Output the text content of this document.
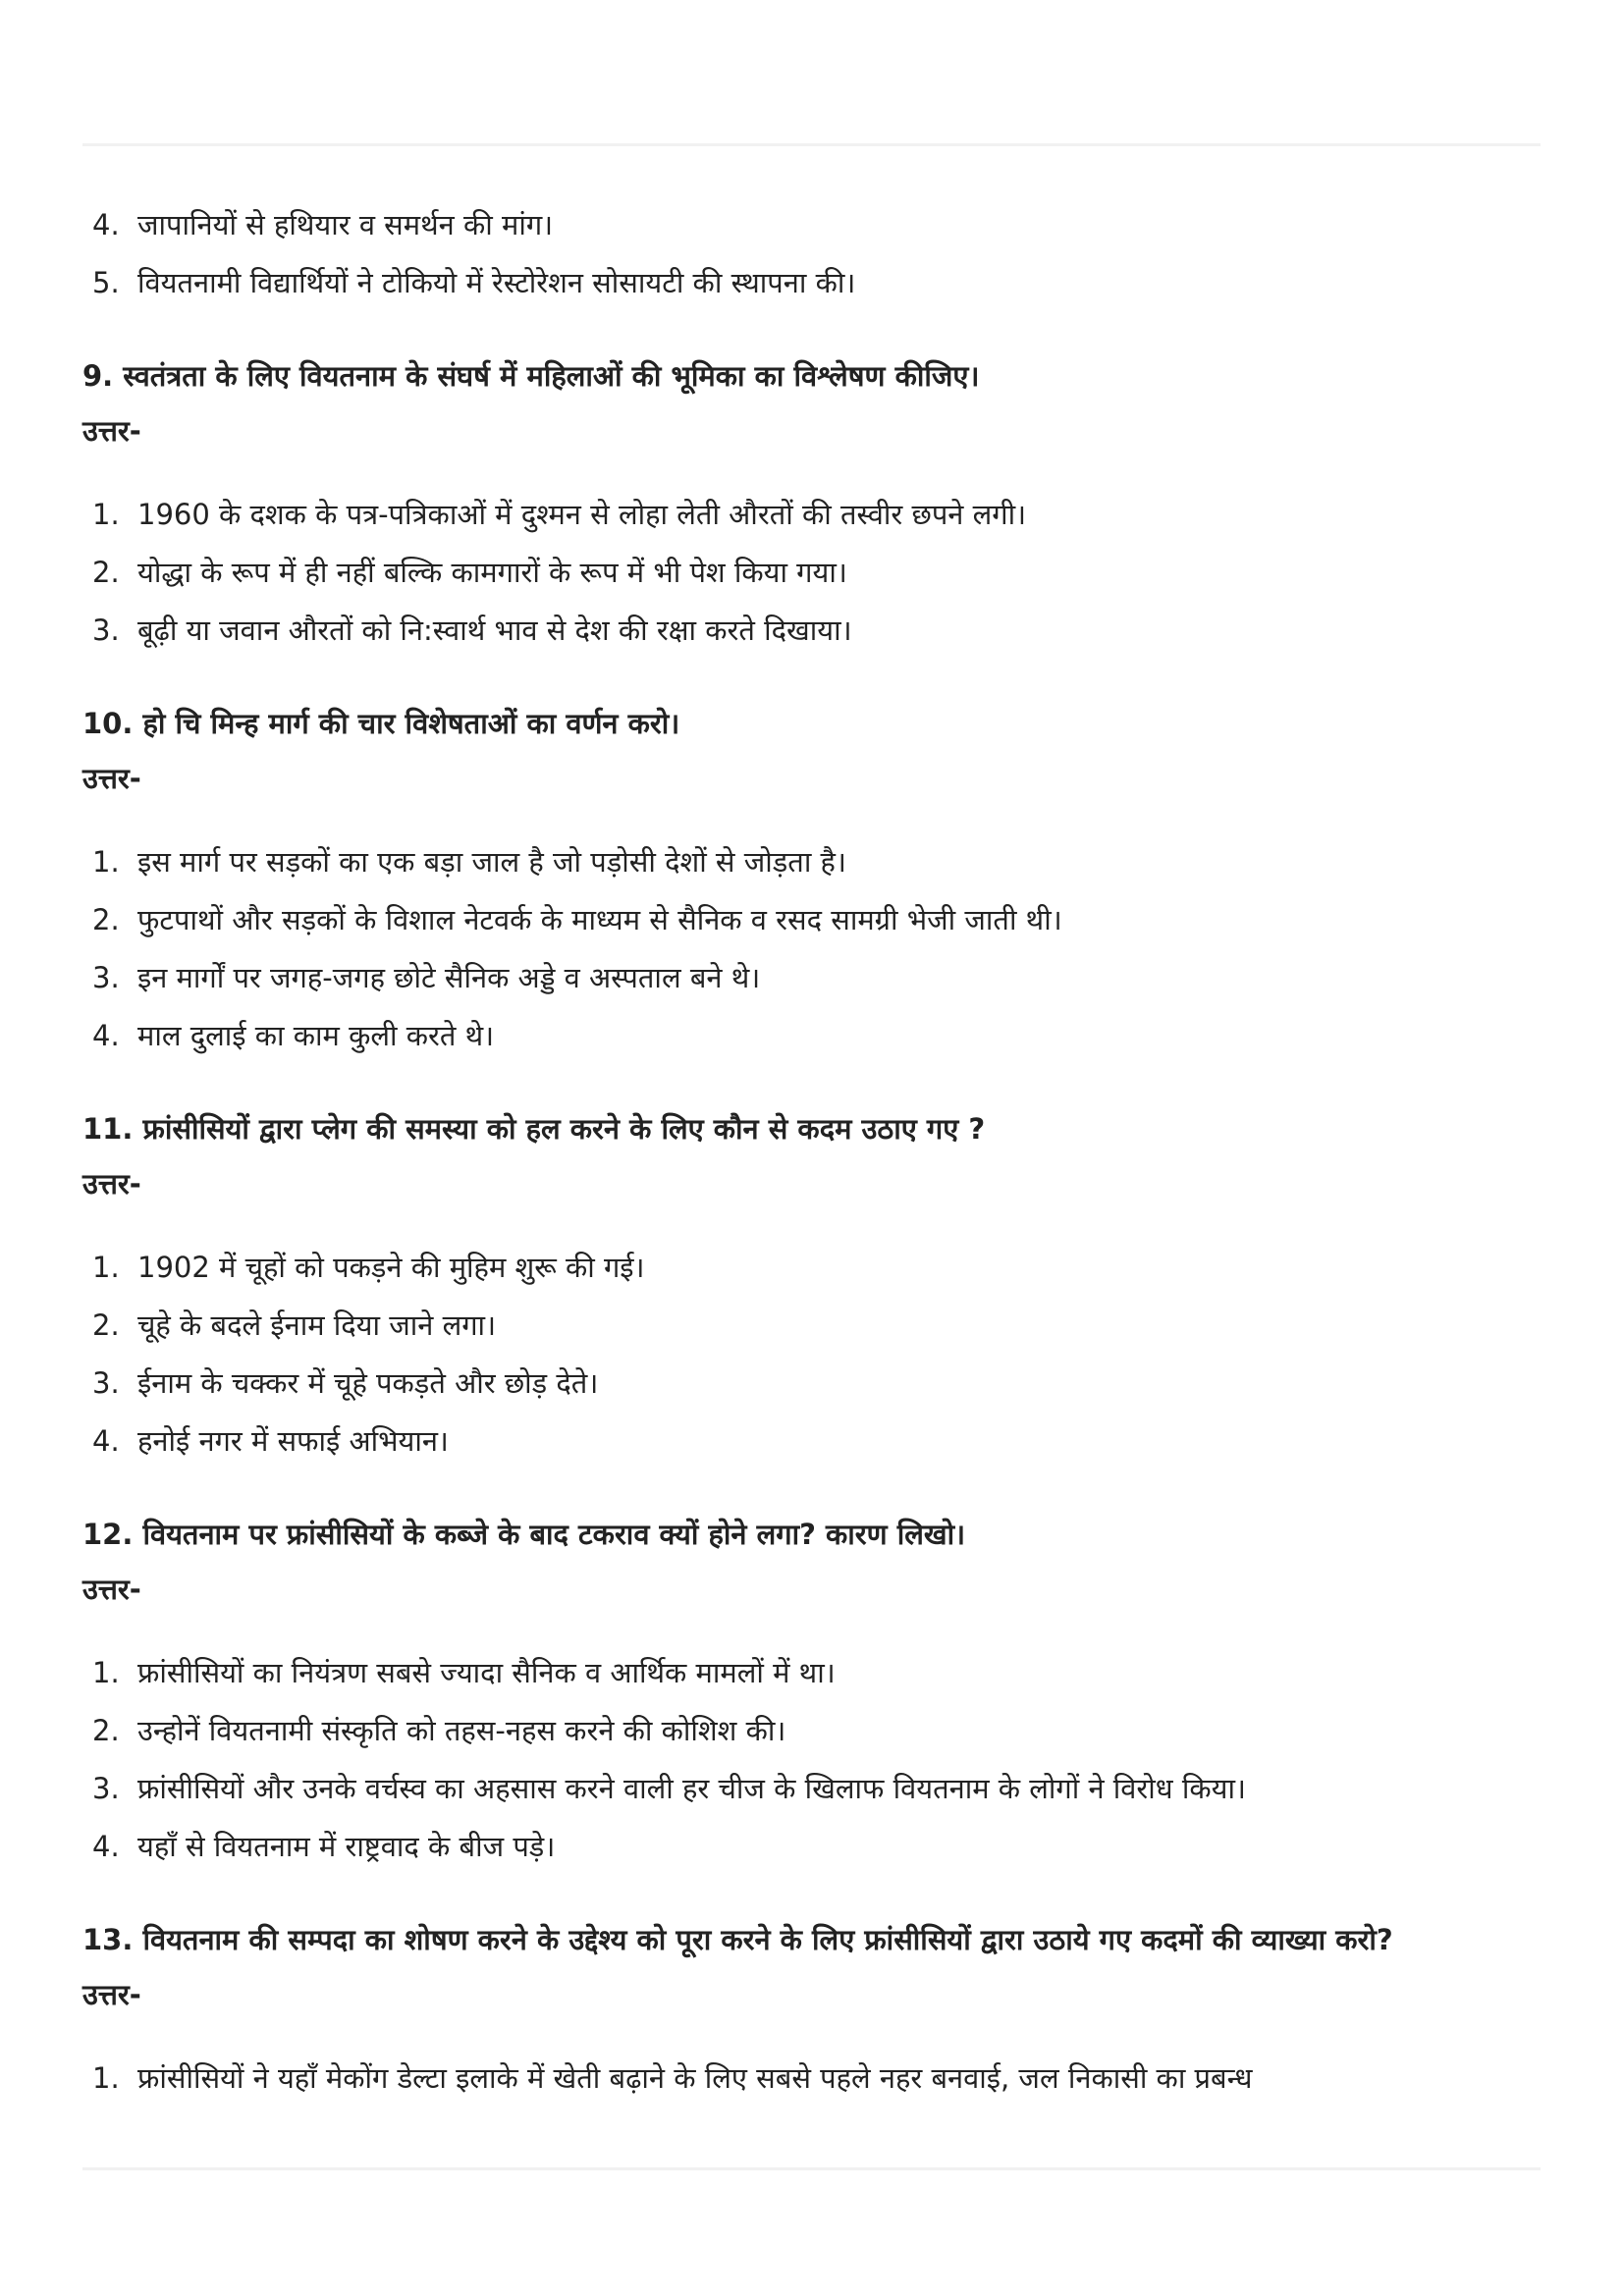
4. जापानियों से हथियार व समर्थन की मांग।
5. वियतनामी विद्यार्थियों ने टोकियो में रेस्टोरेशन सोसायटी की स्थापना की।

9. स्वतंत्रता के लिए वियतनाम के संघर्ष में महिलाओं की भूमिका का विश्लेषण कीजिए।

उत्तर-

1. 1960 के दशक के पत्र-पत्रिकाओं में दुश्मन से लोहा लेती औरतों की तस्वीर छपने लगी।
2. योद्धा के रूप में ही नहीं बल्कि कामगारों के रूप में भी पेश किया गया।
3. बूढ़ी या जवान औरतों को नि:स्वार्थ भाव से देश की रक्षा करते दिखाया।

10. हो चि मिन्ह मार्ग की चार विशेषताओं का वर्णन करो।

उत्तर-

1. इस मार्ग पर सड़कों का एक बड़ा जाल है जो पड़ोसी देशों से जोड़ता है।
2. फुटपाथों और सड़कों के विशाल नेटवर्क के माध्यम से सैनिक व रसद सामग्री भेजी जाती थी।
3. इन मार्गों पर जगह-जगह छोटे सैनिक अड्डे व अस्पताल बने थे।
4. माल दुलाई का काम कुली करते थे।

11. फ्रांसीसियों द्वारा प्लेग की समस्या को हल करने के लिए कौन से कदम उठाए गए ?

उत्तर-

1. 1902 में चूहों को पकड़ने की मुहिम शुरू की गई।
2. चूहे के बदले ईनाम दिया जाने लगा।
3. ईनाम के चक्कर में चूहे पकड़ते और छोड़ देते।
4. हनोई नगर में सफाई अभियान।

12. वियतनाम पर फ्रांसीसियों के कब्जे के बाद टकराव क्यों होने लगा? कारण लिखो।

उत्तर-

1. फ्रांसीसियों का नियंत्रण सबसे ज्यादा सैनिक व आर्थिक मामलों में था।
2. उन्होनें वियतनामी संस्कृति को तहस-नहस करने की कोशिश की।
3. फ्रांसीसियों और उनके वर्चस्व का अहसास करने वाली हर चीज के खिलाफ वियतनाम के लोगों ने विरोध किया।
4. यहाँ से वियतनाम में राष्ट्रवाद के बीज पड़े।

13. वियतनाम की सम्पदा का शोषण करने के उद्देश्य को पूरा करने के लिए फ्रांसीसियों द्वारा उठाये गए कदमों की व्याख्या करो?

उत्तर-

1. फ्रांसीसियों ने यहाँ मेकोंग डेल्टा इलाके में खेती बढ़ाने के लिए सबसे पहले नहर बनवाई, जल निकासी का प्रबन्ध
